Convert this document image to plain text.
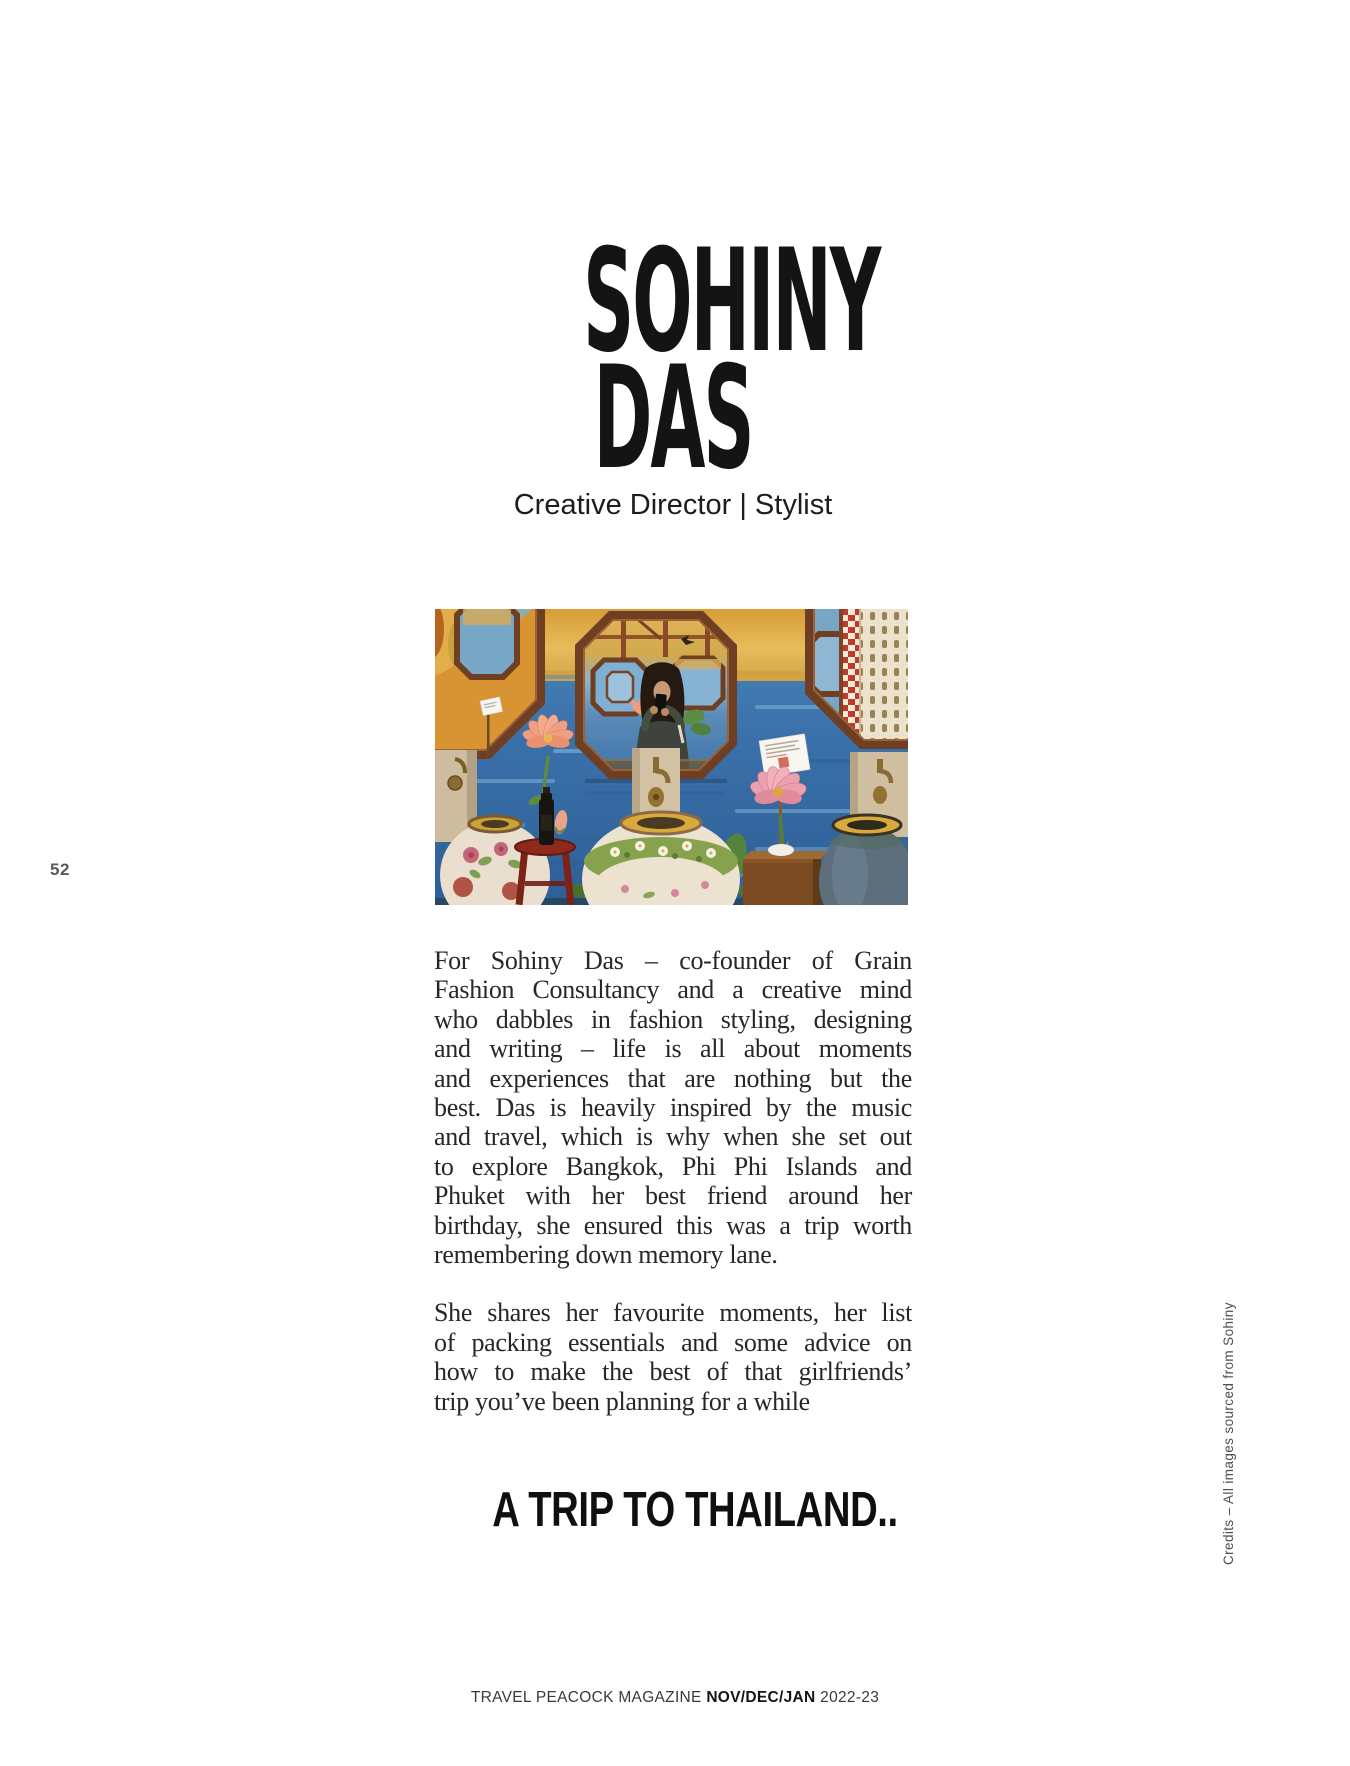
52
SOHINY
DAS
Creative Director | Stylist
For Sohiny Das – co-founder of Grain
Fashion Consultancy and a creative mind
who dabbles in fashion styling, designing
and writing – life is all about moments
and experiences that are nothing but the
best. Das is heavily inspired by the music
and travel, which is why when she set out
to explore Bangkok, Phi Phi Islands and
Phuket with her best friend around her
birthday, she ensured this was a trip worth
remembering down memory lane.
She shares her favourite moments, her list
of packing essentials and some advice on
how to make the best of that girlfriends’
trip you’ve been planning for a while
A TRIP TO THAILAND..	Credits – All images sourced from Sohiny
TRAVEL PEACOCK MAGAZINE NOV/DEC/JAN 2022-23
